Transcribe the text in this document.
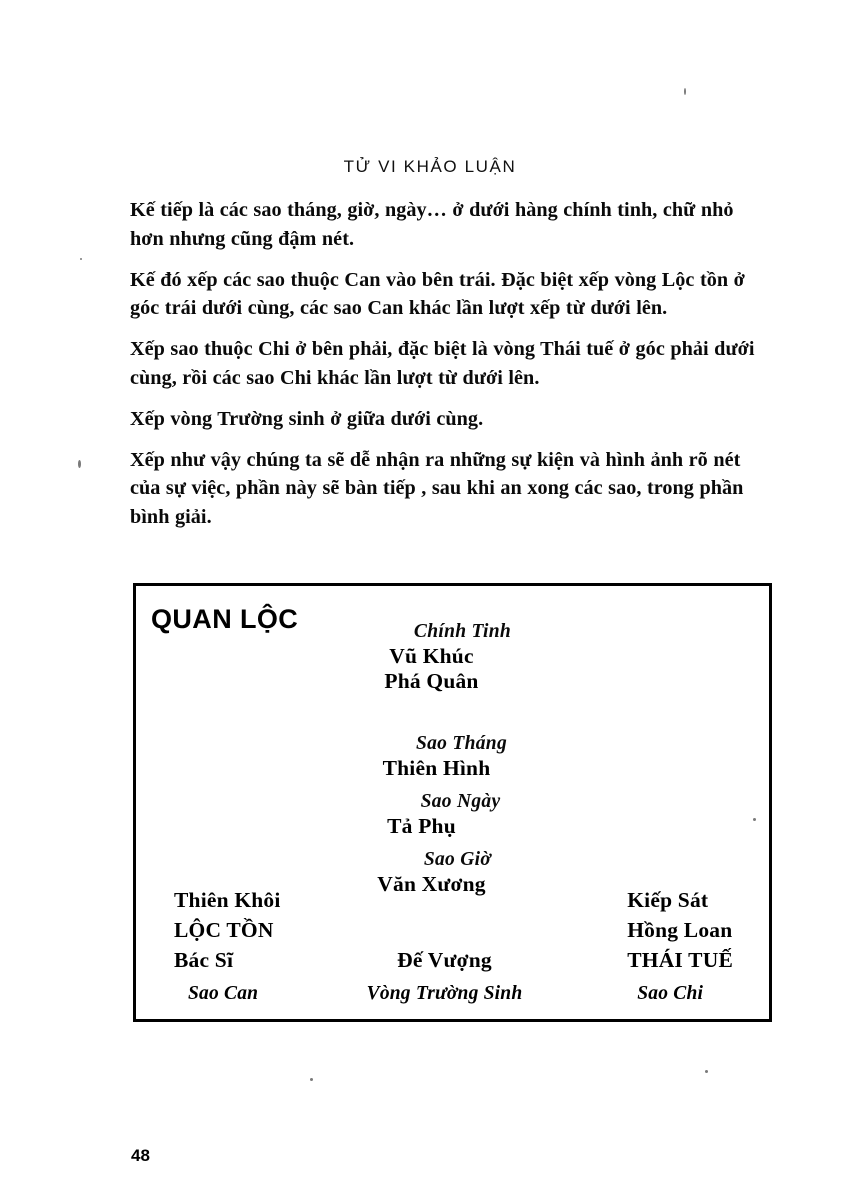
TỬ VI KHẢO LUẬN

Kế tiếp là các sao tháng, giờ, ngày… ở dưới hàng chính tinh, chữ nhỏ hơn nhưng cũng đậm nét.

Kế đó xếp các sao thuộc Can vào bên trái. Đặc biệt xếp vòng Lộc tồn ở góc trái dưới cùng, các sao Can khác lần lượt xếp từ dưới lên.

Xếp sao thuộc Chi ở bên phải, đặc biệt là vòng Thái tuế ở góc phải dưới cùng, rồi các sao Chi khác lần lượt từ dưới lên.

Xếp vòng Trường sinh ở giữa dưới cùng.

Xếp như vậy chúng ta sẽ dễ nhận ra những sự kiện và hình ảnh rõ nét của sự việc, phần này sẽ bàn tiếp , sau khi an xong các sao, trong phần bình giải.

QUAN LỘC	Chính Tinh
Vũ Khúc
Phá Quân
Sao Tháng
Thiên Hình
Sao Ngày
Tả Phụ
Sao Giờ
Văn Xương
Thiên Khôi
LỘC TỒN
Bác Sĩ
Sao Can
Đế Vượng
Vòng Trường Sinh
Kiếp Sát
Hồng Loan
THÁI TUẾ
Sao Chi
48
